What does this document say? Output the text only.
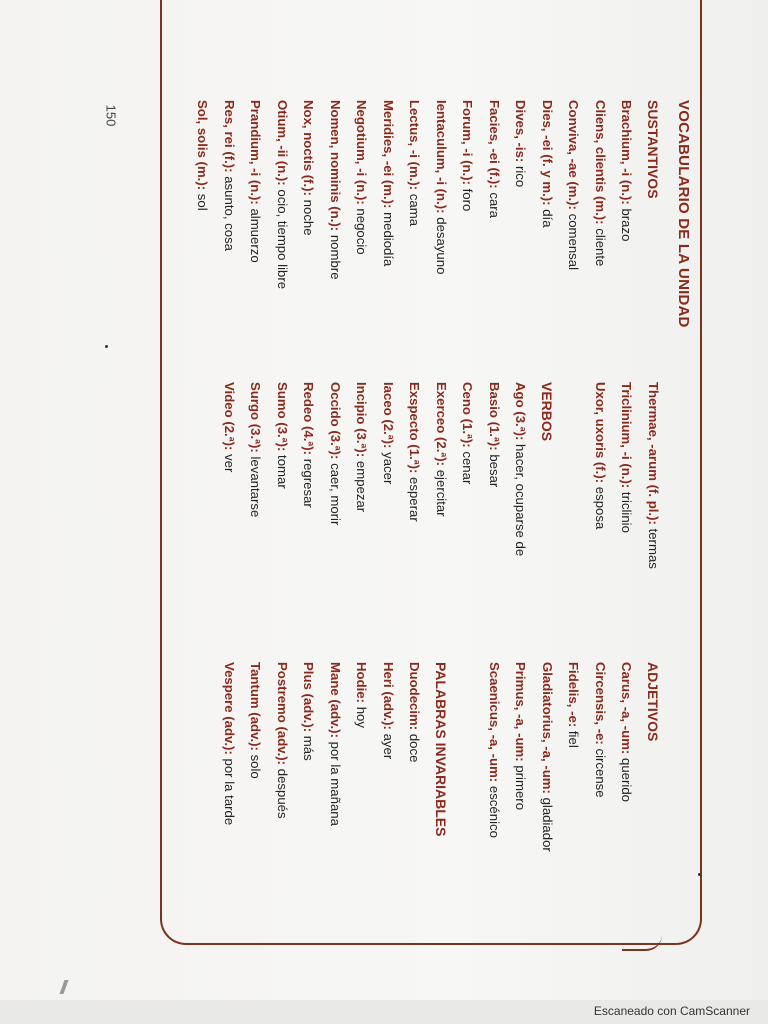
VOCABULARIO DE LA UNIDAD
SUSTANTIVOS
Brachium, -i (n.): brazo
Cliens, clientis (m.): cliente
Conviva, -ae (m.): comensal
Dies, -ei (f. y m.): día
Dives, -is: rico
Facies, -ei (f.): cara
Forum, -i (n.): foro
Ientaculum, -i (n.): desayuno
Lectus, -i (m.): cama
Meridies, -ei (m.): mediodía
Negotium, -i (n.): negocio
Nomen, nominis (n.): nombre
Nox, noctis (f.): noche
Otium, -ii (n.): ocio, tiempo libre
Prandium, -i (n.): almuerzo
Res, rei (f.): asunto, cosa
Sol, solis (m.): sol
Thermae, -arum (f. pl.): termas
Triclinium, -i (n.): triclinio
Uxor, uxoris (f.): esposa
VERBOS
Ago (3.ª): hacer, ocuparse de
Basio (1.ª): besar
Ceno (1.ª): cenar
Exerceo (2.ª): ejercitar
Exspecto (1.ª): esperar
Iaceo (2.ª): yacer
Incipio (3.ª): empezar
Occido (3.ª): caer, morir
Redeo (4.ª): regresar
Sumo (3.ª): tomar
Surgo (3.ª): levantarse
Video (2.ª): ver
ADJETIVOS
Carus, -a, -um: querido
Circensis, -e: circense
Fidelis, -e: fiel
Gladiatorius, -a, -um: gladiador
Primus, -a, -um: primero
Scaenicus, -a, -um: escénico
PALABRAS INVARIABLES
Duodecim: doce
Heri (adv.): ayer
Hodie: hoy
Mane (adv.): por la mañana
Plus (adv.): más
Postremo (adv.): después
Tantum (adv.): solo
Vespere (adv.): por la tarde
150
Escaneado con CamScanner
